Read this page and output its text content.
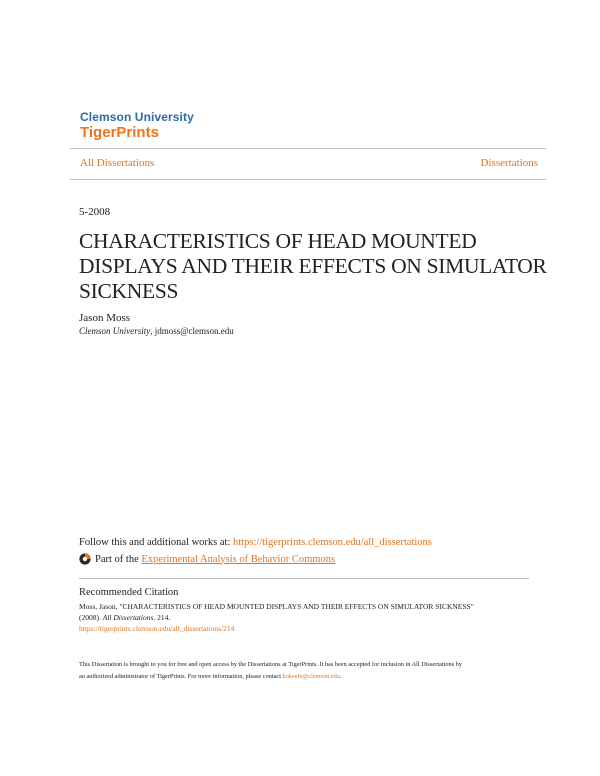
Clemson University
TigerPrints
All Dissertations	Dissertations
5-2008
CHARACTERISTICS OF HEAD MOUNTED DISPLAYS AND THEIR EFFECTS ON SIMULATOR SICKNESS
Jason Moss
Clemson University, jdmoss@clemson.edu
Follow this and additional works at: https://tigerprints.clemson.edu/all_dissertations
Part of the
Experimental Analysis of Behavior Commons
Recommended Citation
Moss, Jason, "CHARACTERISTICS OF HEAD MOUNTED DISPLAYS AND THEIR EFFECTS ON SIMULATOR SICKNESS"
(2008). All Dissertations. 214.
https://tigerprints.clemson.edu/all_dissertations/214
This Dissertation is brought to you for free and open access by the Dissertations at TigerPrints. It has been accepted for inclusion in All Dissertations by
an authorized administrator of TigerPrints. For more information, please contact kokeefe@clemson.edu.
